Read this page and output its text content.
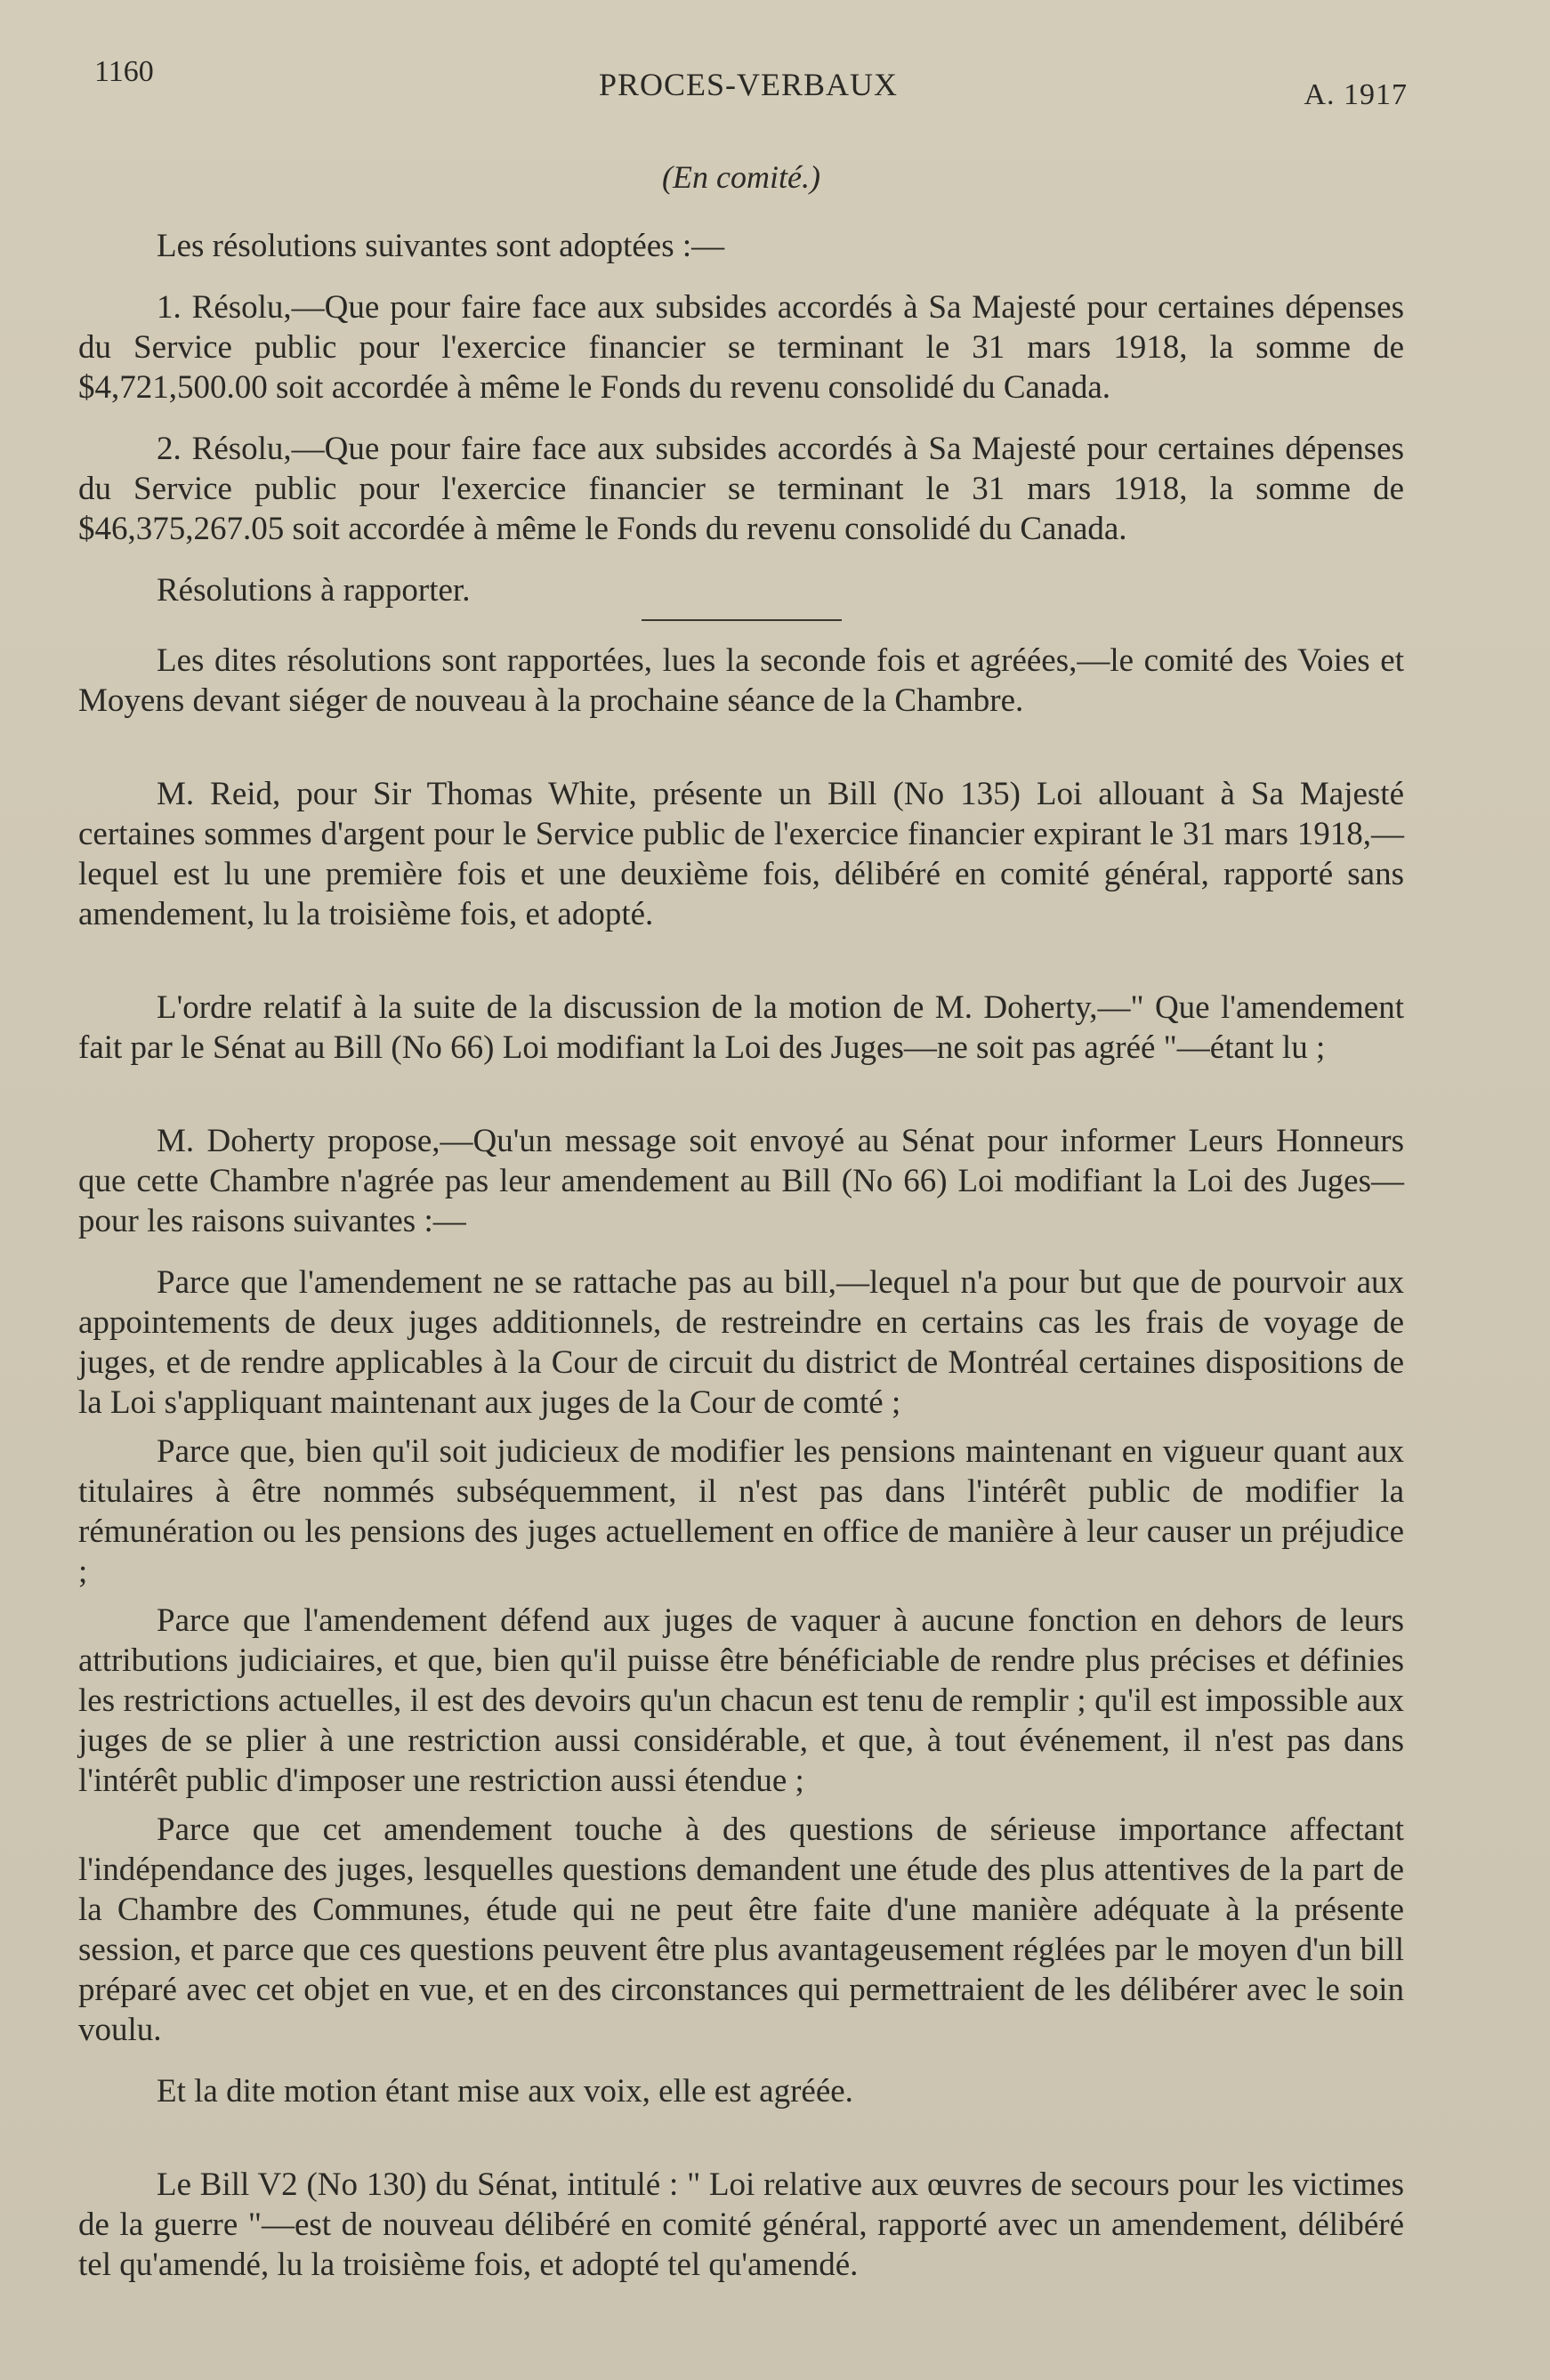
1160	PROCES-VERBAUX	A. 1917
(En comité.)

Les résolutions suivantes sont adoptées :—

1. Résolu,—Que pour faire face aux subsides accordés à Sa Majesté pour certaines dépenses du Service public pour l'exercice financier se terminant le 31 mars 1918, la somme de $4,721,500.00 soit accordée à même le Fonds du revenu consolidé du Canada.

2. Résolu,—Que pour faire face aux subsides accordés à Sa Majesté pour certaines dépenses du Service public pour l'exercice financier se terminant le 31 mars 1918, la somme de $46,375,267.05 soit accordée à même le Fonds du revenu consolidé du Canada.

Résolutions à rapporter.

Les dites résolutions sont rapportées, lues la seconde fois et agréées,—le comité des Voies et Moyens devant siéger de nouveau à la prochaine séance de la Chambre.

M. Reid, pour Sir Thomas White, présente un Bill (No 135) Loi allouant à Sa Majesté certaines sommes d'argent pour le Service public de l'exercice financier expirant le 31 mars 1918,—lequel est lu une première fois et une deuxième fois, délibéré en comité général, rapporté sans amendement, lu la troisième fois, et adopté.

L'ordre relatif à la suite de la discussion de la motion de M. Doherty,—" Que l'amendement fait par le Sénat au Bill (No 66) Loi modifiant la Loi des Juges—ne soit pas agréé "—étant lu ;

M. Doherty propose,—Qu'un message soit envoyé au Sénat pour informer Leurs Honneurs que cette Chambre n'agrée pas leur amendement au Bill (No 66) Loi modifiant la Loi des Juges—pour les raisons suivantes :—

Parce que l'amendement ne se rattache pas au bill,—lequel n'a pour but que de pourvoir aux appointements de deux juges additionnels, de restreindre en certains cas les frais de voyage de juges, et de rendre applicables à la Cour de circuit du district de Montréal certaines dispositions de la Loi s'appliquant maintenant aux juges de la Cour de comté ;

Parce que, bien qu'il soit judicieux de modifier les pensions maintenant en vigueur quant aux titulaires à être nommés subséquemment, il n'est pas dans l'intérêt public de modifier la rémunération ou les pensions des juges actuellement en office de manière à leur causer un préjudice ;

Parce que l'amendement défend aux juges de vaquer à aucune fonction en dehors de leurs attributions judiciaires, et que, bien qu'il puisse être bénéficiable de rendre plus précises et définies les restrictions actuelles, il est des devoirs qu'un chacun est tenu de remplir ; qu'il est impossible aux juges de se plier à une restriction aussi considérable, et que, à tout événement, il n'est pas dans l'intérêt public d'imposer une restriction aussi étendue ;

Parce que cet amendement touche à des questions de sérieuse importance affectant l'indépendance des juges, lesquelles questions demandent une étude des plus attentives de la part de la Chambre des Communes, étude qui ne peut être faite d'une manière adéquate à la présente session, et parce que ces questions peuvent être plus avantageusement réglées par le moyen d'un bill préparé avec cet objet en vue, et en des circonstances qui permettraient de les délibérer avec le soin voulu.

Et la dite motion étant mise aux voix, elle est agréée.

Le Bill V2 (No 130) du Sénat, intitulé : " Loi relative aux œuvres de secours pour les victimes de la guerre "—est de nouveau délibéré en comité général, rapporté avec un amendement, délibéré tel qu'amendé, lu la troisième fois, et adopté tel qu'amendé.
